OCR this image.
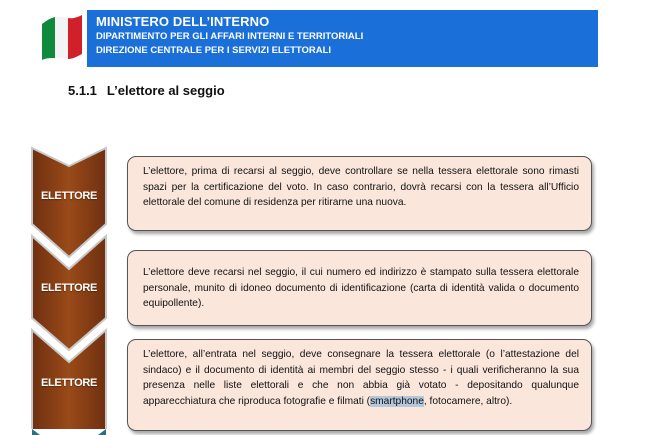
MINISTERO DELL’INTERNO
DIPARTIMENTO PER GLI AFFARI INTERNI E TERRITORIALI
DIREZIONE CENTRALE PER I SERVIZI ELETTORALI
5.1.1 L’elettore al seggio
ELETTORE
ELETTORE
ELETTORE
L’elettore, prima di recarsi al seggio, deve controllare se nella tessera elettorale sono rimasti spazi per la certificazione del voto. In caso contrario, dovrà recarsi con la tessera all’Ufficio elettorale del comune di residenza per ritirarne una nuova.
L’elettore deve recarsi nel seggio, il cui numero ed indirizzo è stampato sulla tessera elettorale personale, munito di idoneo documento di identificazione (carta di identità valida o documento equipollente).
L’elettore, all’entrata nel seggio, deve consegnare la tessera elettorale (o l’attestazione del sindaco) e il documento di identità ai membri del seggio stesso - i quali verificheranno la sua presenza nelle liste elettorali e che non abbia già votato - depositando qualunque apparecchiatura che riproduca fotografie e filmati (smartphone, fotocamere, altro).
